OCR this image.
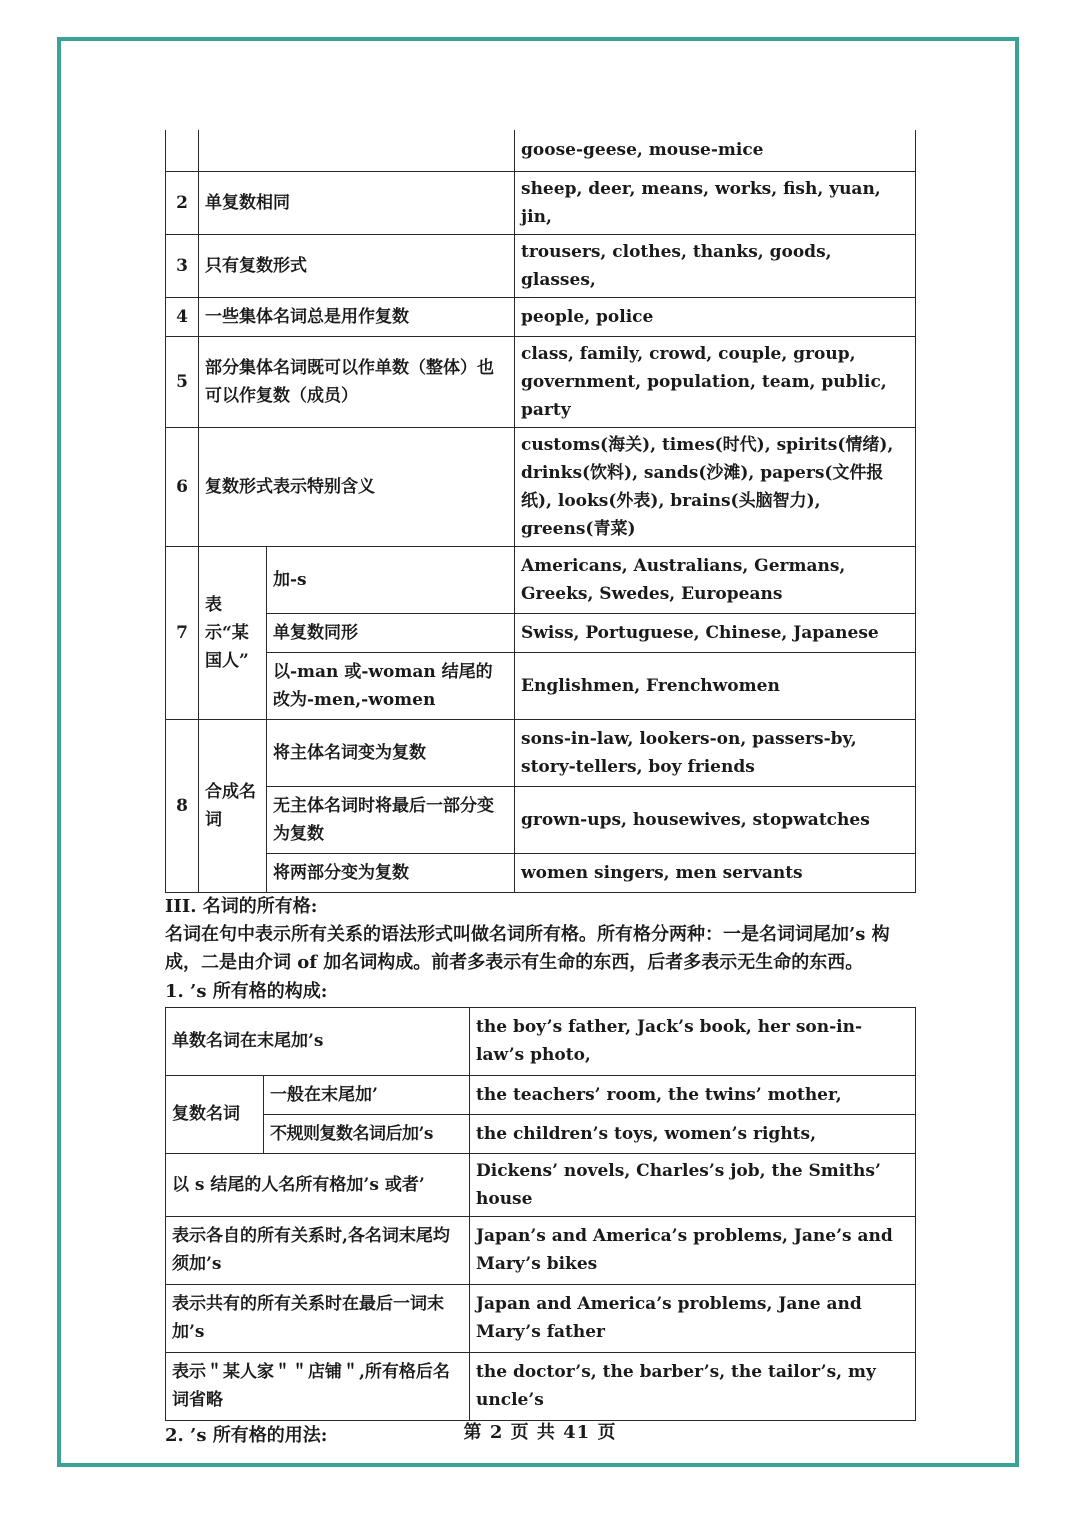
			goose-geese, mouse-mice
2	单复数相同		sheep, deer, means, works, fish, yuan, jin,
3	只有复数形式		trousers, clothes, thanks, goods, glasses,
4	一些集体名词总是用作复数		people, police
5	部分集体名词既可以作单数（整体）也可以作复数（成员）		class, family, crowd, couple, group, government, population, team, public, party
6	复数形式表示特别含义		customs(海关), times(时代), spirits(情绪), drinks(饮料), sands(沙滩), papers(文件报纸), looks(外表), brains(头脑智力), greens(青菜)
7	表示“某国人”	加-s	Americans, Australians, Germans, Greeks, Swedes, Europeans
		单复数同形	Swiss, Portuguese, Chinese, Japanese
		以-man 或-woman 结尾的改为-men,-women	Englishmen, Frenchwomen
8	合成名词	将主体名词变为复数	sons-in-law, lookers-on, passers-by, story-tellers, boy friends
		无主体名词时将最后一部分变为复数	grown-ups, housewives, stopwatches
		将两部分变为复数	women singers, men servants

III. 名词的所有格:

名词在句中表示所有关系的语法形式叫做名词所有格。所有格分两种：一是名词词尾加’s 构成，二是由介词 of 加名词构成。前者多表示有生命的东西，后者多表示无生命的东西。

1. ’s 所有格的构成:

单数名词在末尾加’s		the boy’s father, Jack’s book, her son-in-law’s photo,
复数名词	一般在末尾加’	the teachers’ room, the twins’ mother,
	不规则复数名词后加’s	the children’s toys, women’s rights,
以 s 结尾的人名所有格加’s 或者’		Dickens’ novels, Charles’s job, the Smiths’ house
表示各自的所有关系时,各名词末尾均须加’s		Japan’s and America’s problems, Jane’s and Mary’s bikes
表示共有的所有关系时在最后一词末加’s		Japan and America’s problems, Jane and Mary’s father
表示＂某人家＂＂店铺＂,所有格后名词省略		the doctor’s, the barber’s, the tailor’s, my uncle’s

2. ’s 所有格的用法:	第 2 页 共 41 页
